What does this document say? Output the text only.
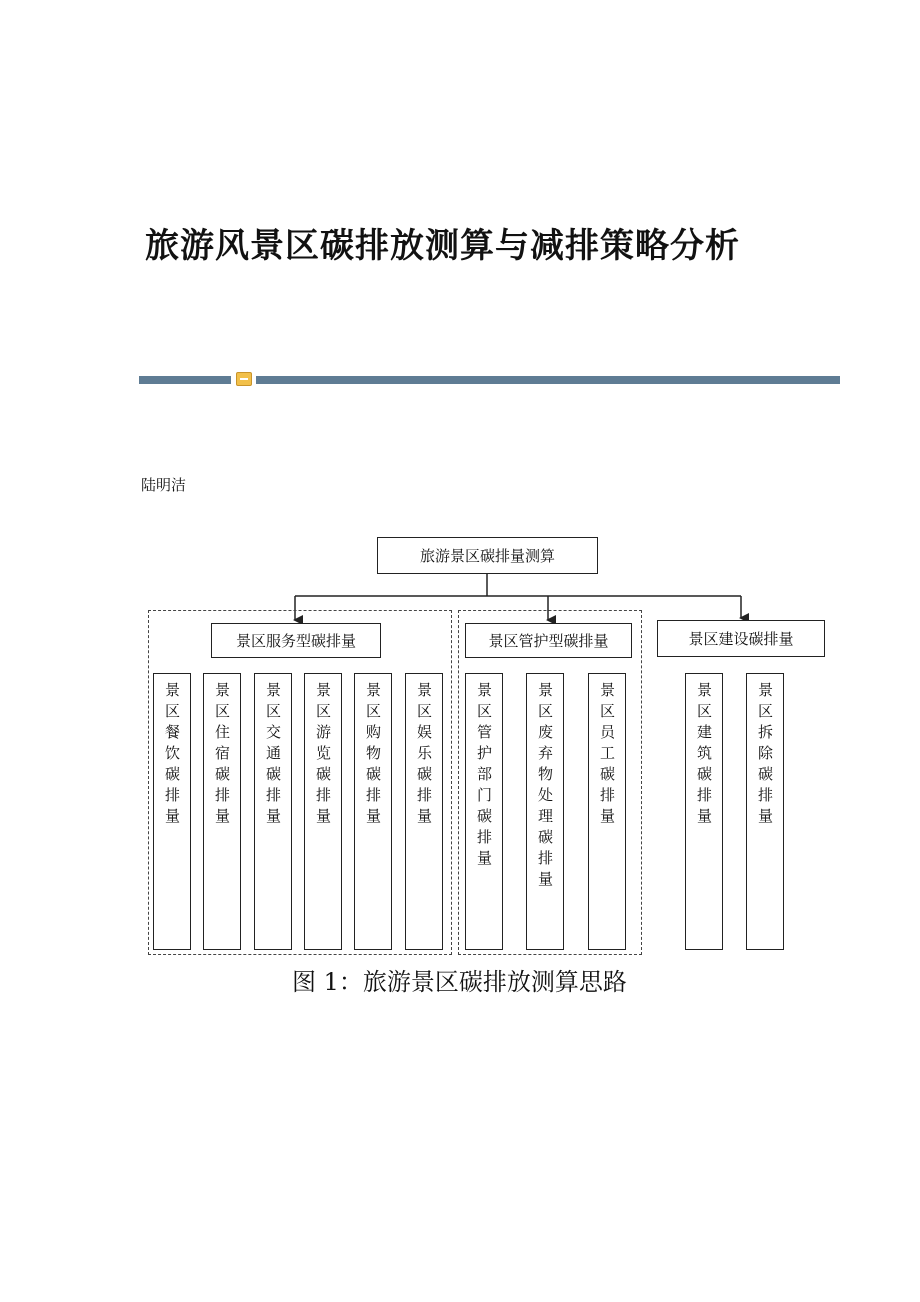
旅游风景区碳排放测算与减排策略分析
陆明洁
旅游景区碳排量测算
景区服务型碳排量	景区管护型碳排量	景区建设碳排量
景区餐饮碳排量	景区住宿碳排量	景区交通碳排量	景区游览碳排量	景区购物碳排量	景区娱乐碳排量	景区管护部门碳排量	景区废弃物处理碳排量	景区员工碳排量	景区建筑碳排量	景区拆除碳排量
图 1：旅游景区碳排放测算思路
